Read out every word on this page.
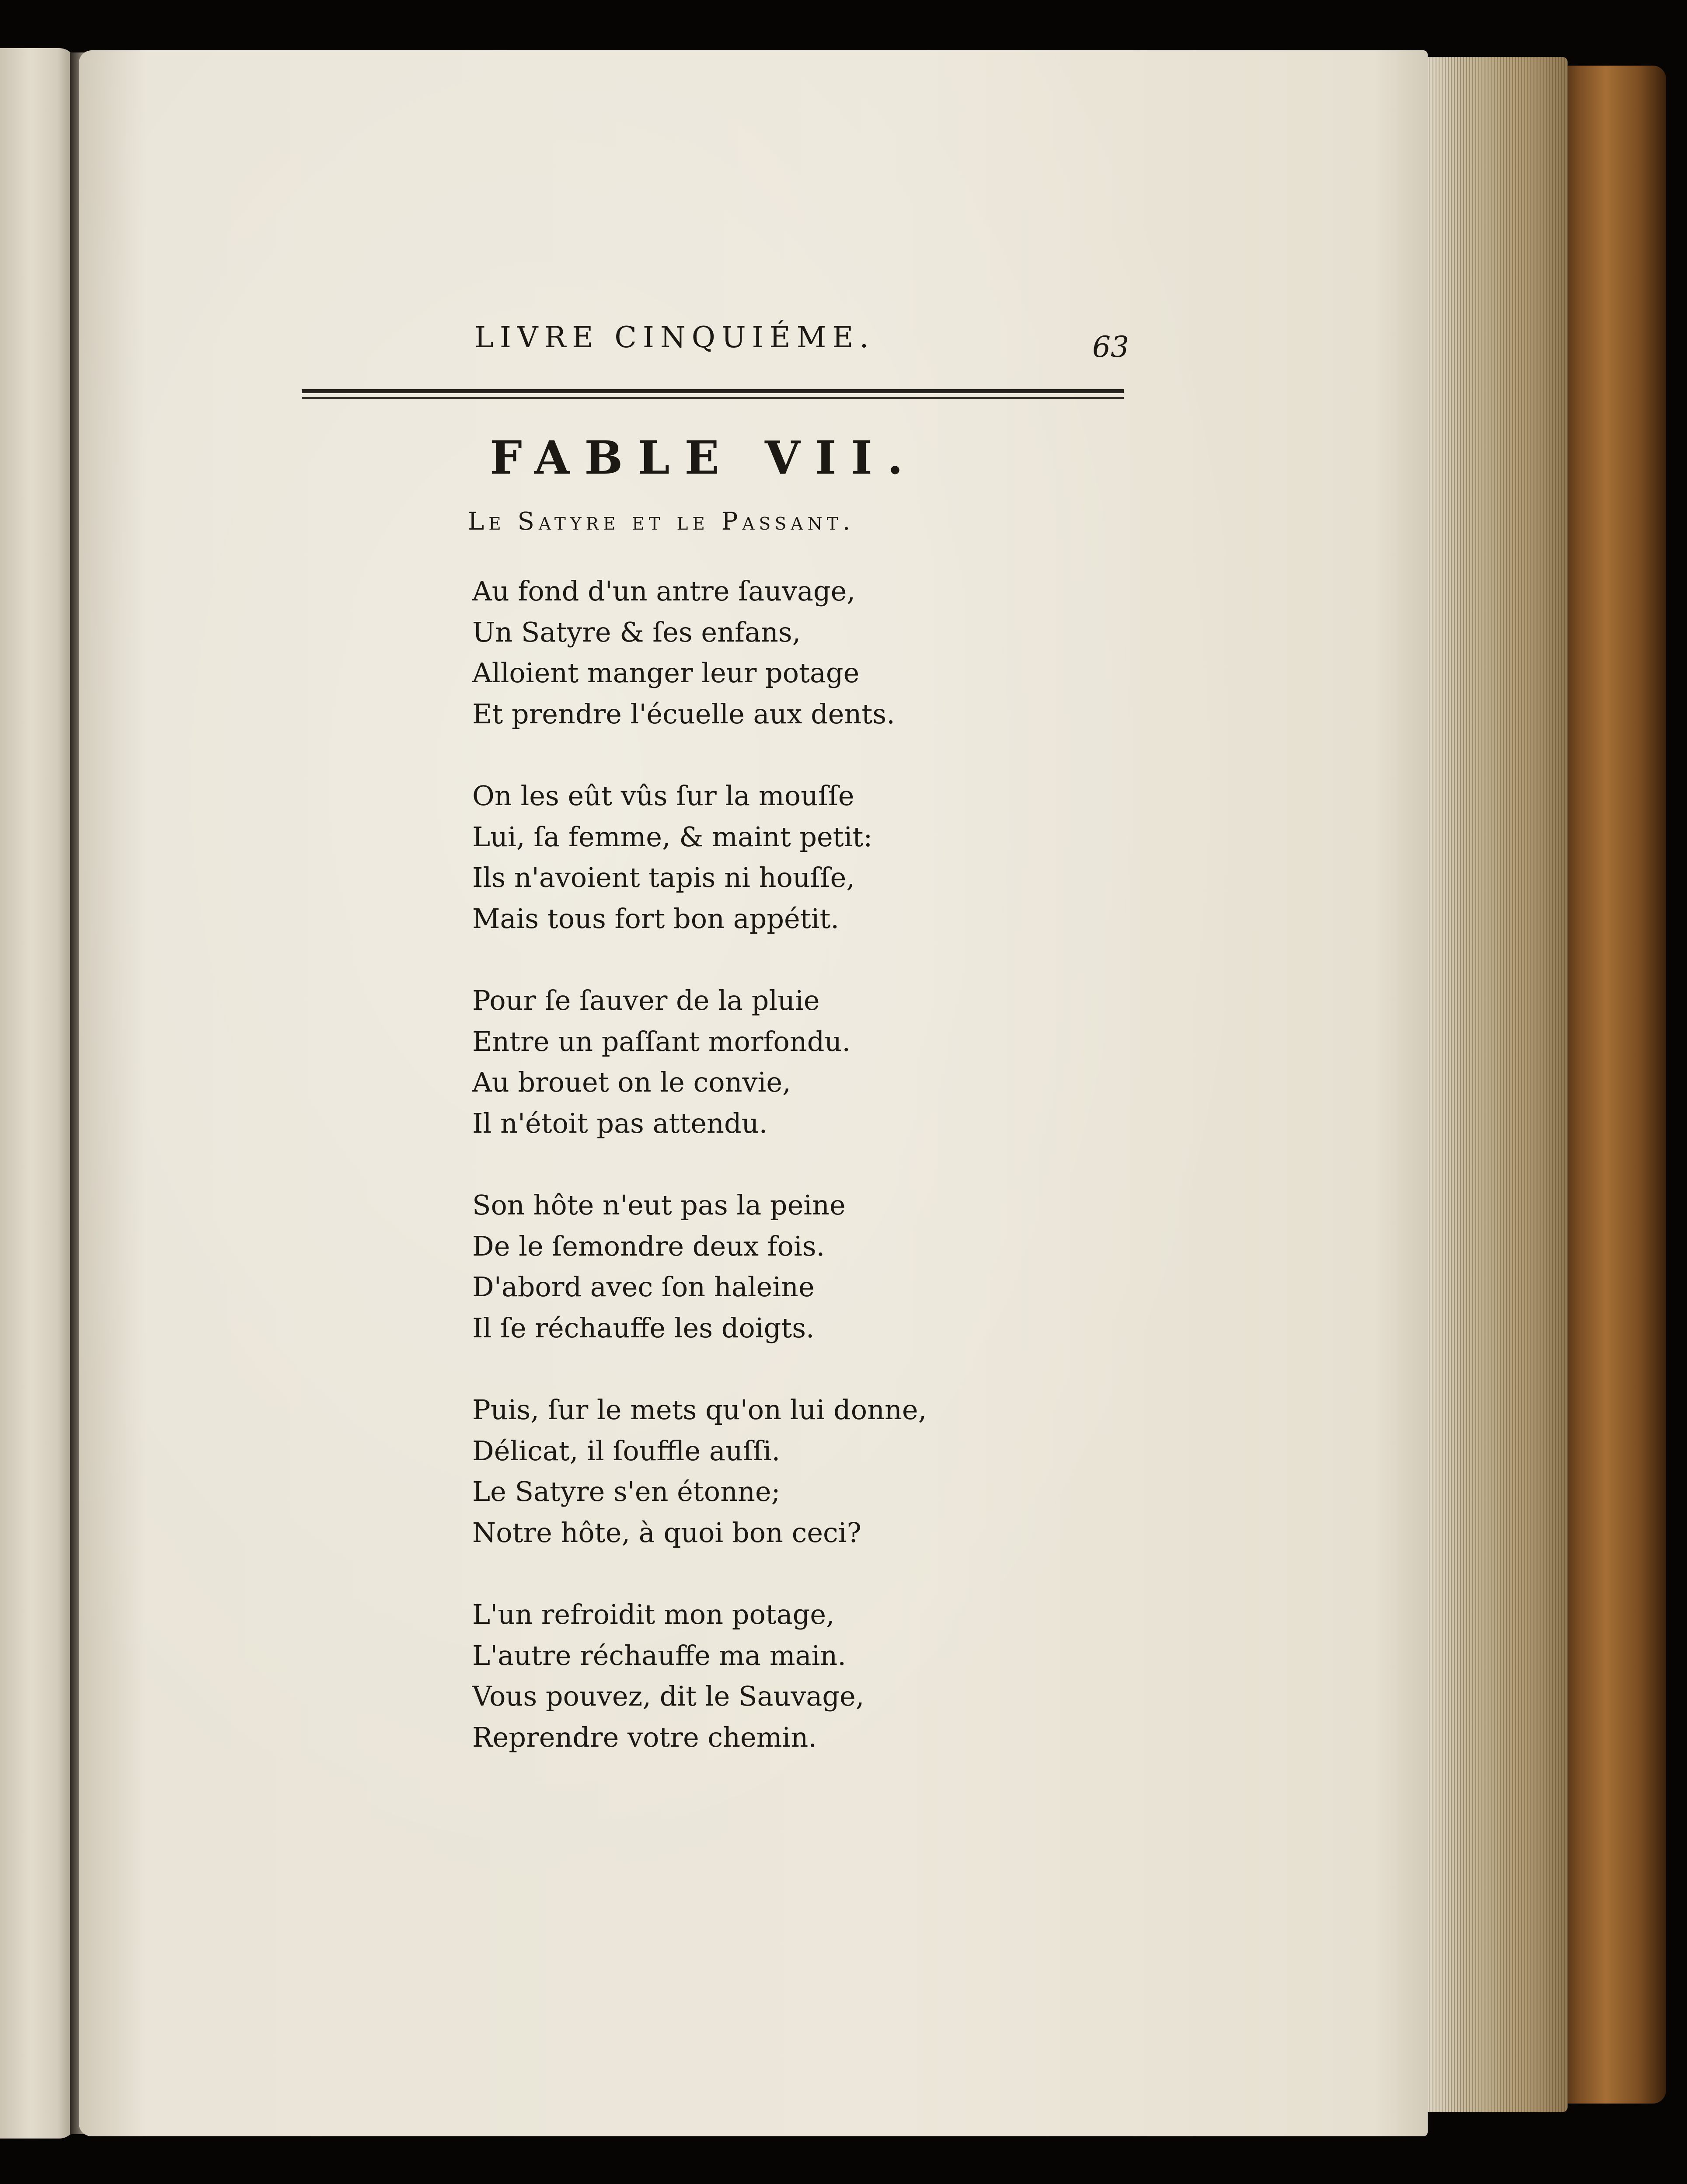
LIVRE CINQUIÉME.	63
FABLE VII.
Le Satyre et le Passant.
Au fond d'un antre ſauvage,
Un Satyre & ſes enfans,
Alloient manger leur potage
Et prendre l'écuelle aux dents.
On les eût vûs ſur la mouſſe
Lui, ſa femme, & maint petit:
Ils n'avoient tapis ni houſſe,
Mais tous fort bon appétit.
Pour ſe ſauver de la pluie
Entre un paſſant morfondu.
Au brouet on le convie,
Il n'étoit pas attendu.
Son hôte n'eut pas la peine
De le ſemondre deux fois.
D'abord avec ſon haleine
Il ſe réchauffe les doigts.
Puis, ſur le mets qu'on lui donne,
Délicat, il ſouffle auſſi.
Le Satyre s'en étonne;
Notre hôte, à quoi bon ceci?
L'un refroidit mon potage,
L'autre réchauffe ma main.
Vous pouvez, dit le Sauvage,
Reprendre votre chemin.
